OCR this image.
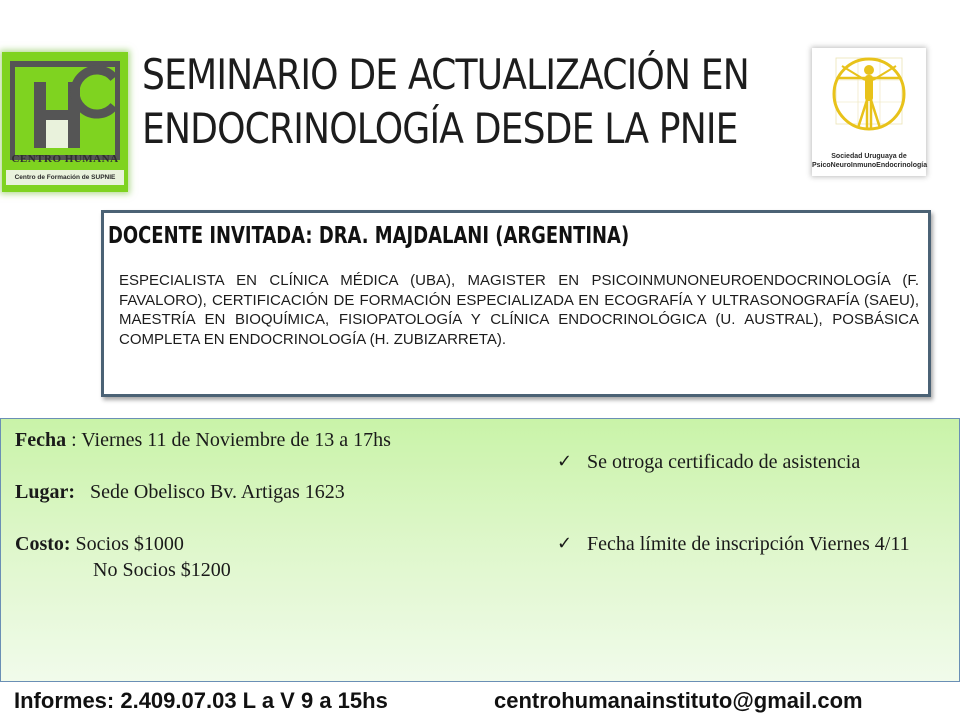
CENTRO HUMANA
Centro de Formación de SUPNIE
SEMINARIO DE ACTUALIZACIÓN EN
ENDOCRINOLOGÍA DESDE LA PNIE
Sociedad Uruguaya de
PsicoNeuroInmunoEndocrinología
DOCENTE INVITADA: DRA. MAJDALANI (ARGENTINA)
ESPECIALISTA EN CLÍNICA MÉDICA (UBA), MAGISTER EN PSICOINMUNONEUROENDOCRINOLOGÍA (F. FAVALORO), CERTIFICACIÓN DE FORMACIÓN ESPECIALIZADA EN ECOGRAFÍA Y ULTRASONOGRAFÍA (SAEU), MAESTRÍA EN BIOQUÍMICA, FISIOPATOLOGÍA Y CLÍNICA ENDOCRINOLÓGICA (U. AUSTRAL), POSBÁSICA COMPLETA EN ENDOCRINOLOGÍA (H. ZUBIZARRETA).
Fecha : Viernes 11 de Noviembre de 13 a 17hs
Lugar: Sede Obelisco Bv. Artigas 1623
Costo: Socios $1000
No Socios $1200
✓ Se otroga certificado de asistencia
✓ Fecha límite de inscripción Viernes 4/11
Informes: 2.409.07.03 L a V 9 a 15hs	centrohumanainstituto@gmail.com
